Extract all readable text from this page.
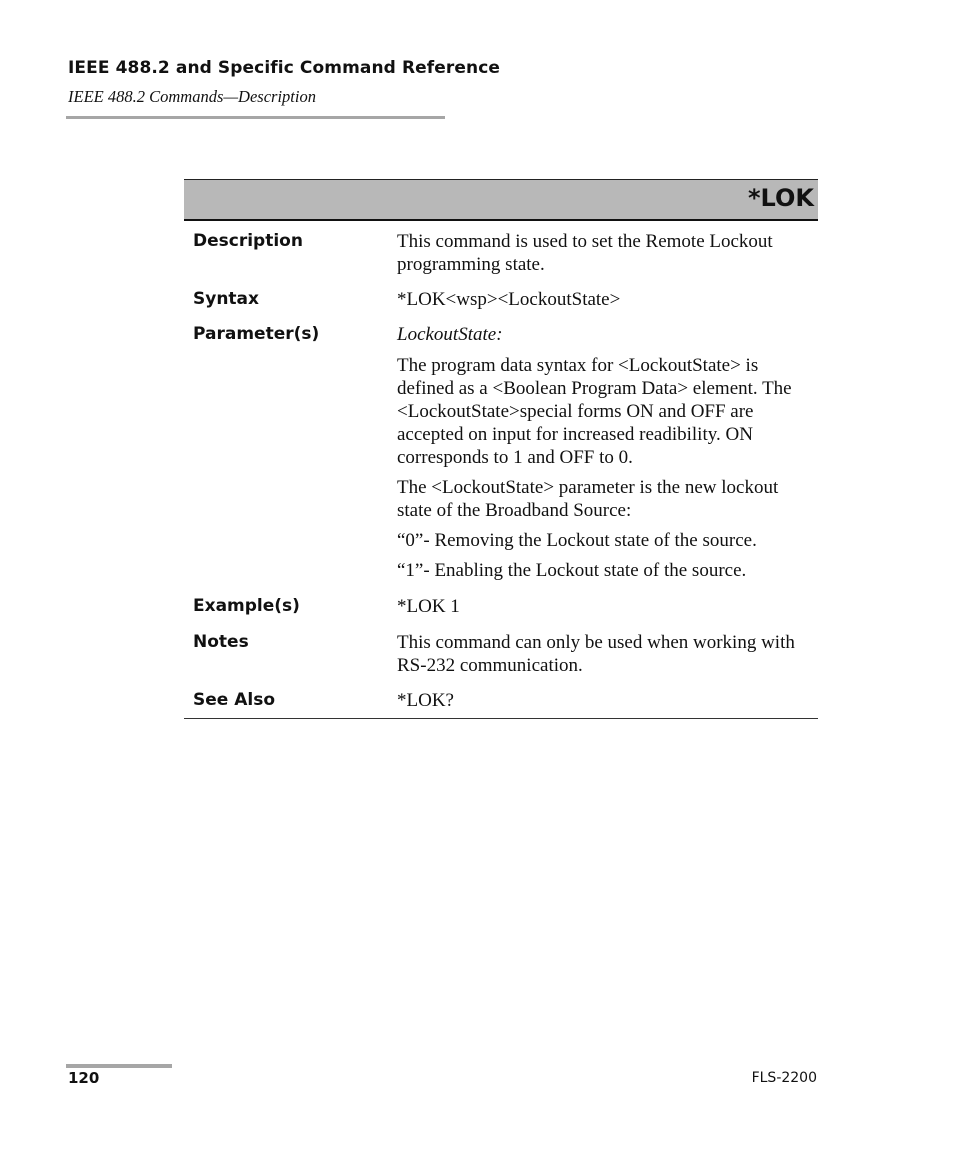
IEEE 488.2 and Specific Command Reference
IEEE 488.2 Commands—Description
*LOK
Description	This command is used to set the Remote Lockout programming state.

Syntax	*LOK<wsp><LockoutState>

Parameter(s)	LockoutState:

The program data syntax for <LockoutState> is defined as a <Boolean Program Data> element. The <LockoutState>special forms ON and OFF are accepted on input for increased readibility. ON corresponds to 1 and OFF to 0.

The <LockoutState> parameter is the new lockout state of the Broadband Source:

“0”- Removing the Lockout state of the source.

“1”- Enabling the Lockout state of the source.

Example(s)	*LOK 1

Notes	This command can only be used when working with RS-232 communication.

See Also	*LOK?

120	FLS-2200
